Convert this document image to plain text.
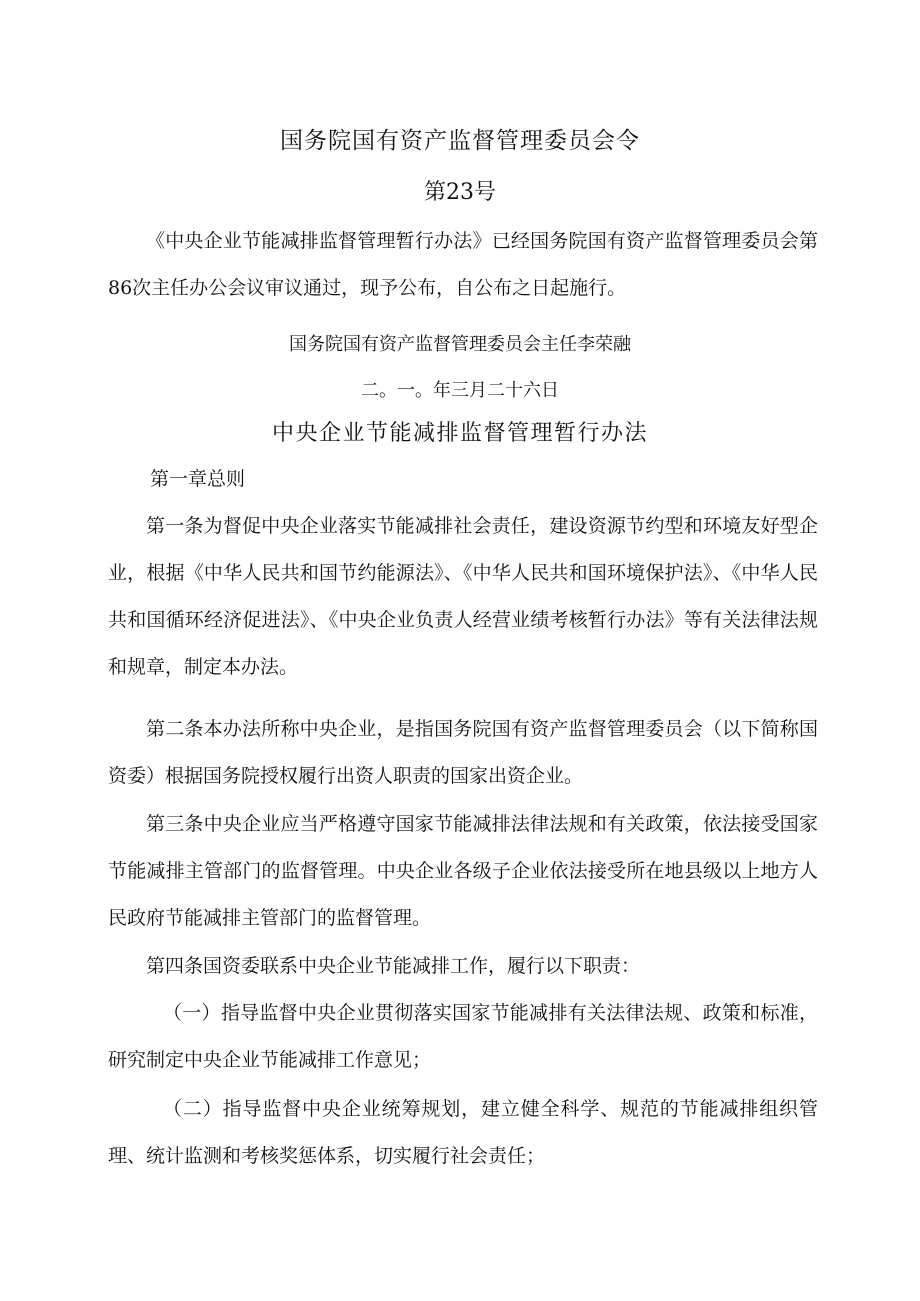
国务院国有资产监督管理委员会令
第23号

《中央企业节能减排监督管理暂行办法》已经国务院国有资产监督管理委员会第86次主任办公会议审议通过，现予公布，自公布之日起施行。

国务院国有资产监督管理委员会主任李荣融
二。一。年三月二十六日
中央企业节能减排监督管理暂行办法

第一章总则

第一条为督促中央企业落实节能减排社会责任，建设资源节约型和环境友好型企业，根据《中华人民共和国节约能源法》、《中华人民共和国环境保护法》、《中华人民共和国循环经济促进法》、《中央企业负责人经营业绩考核暂行办法》等有关法律法规和规章，制定本办法。

第二条本办法所称中央企业，是指国务院国有资产监督管理委员会（以下简称国资委）根据国务院授权履行出资人职责的国家出资企业。

第三条中央企业应当严格遵守国家节能减排法律法规和有关政策，依法接受国家节能减排主管部门的监督管理。中央企业各级子企业依法接受所在地县级以上地方人民政府节能减排主管部门的监督管理。

第四条国资委联系中央企业节能减排工作，履行以下职责：

（一）指导监督中央企业贯彻落实国家节能减排有关法律法规、政策和标准，研究制定中央企业节能减排工作意见；

（二）指导监督中央企业统筹规划，建立健全科学、规范的节能减排组织管理、统计监测和考核奖惩体系，切实履行社会责任；
